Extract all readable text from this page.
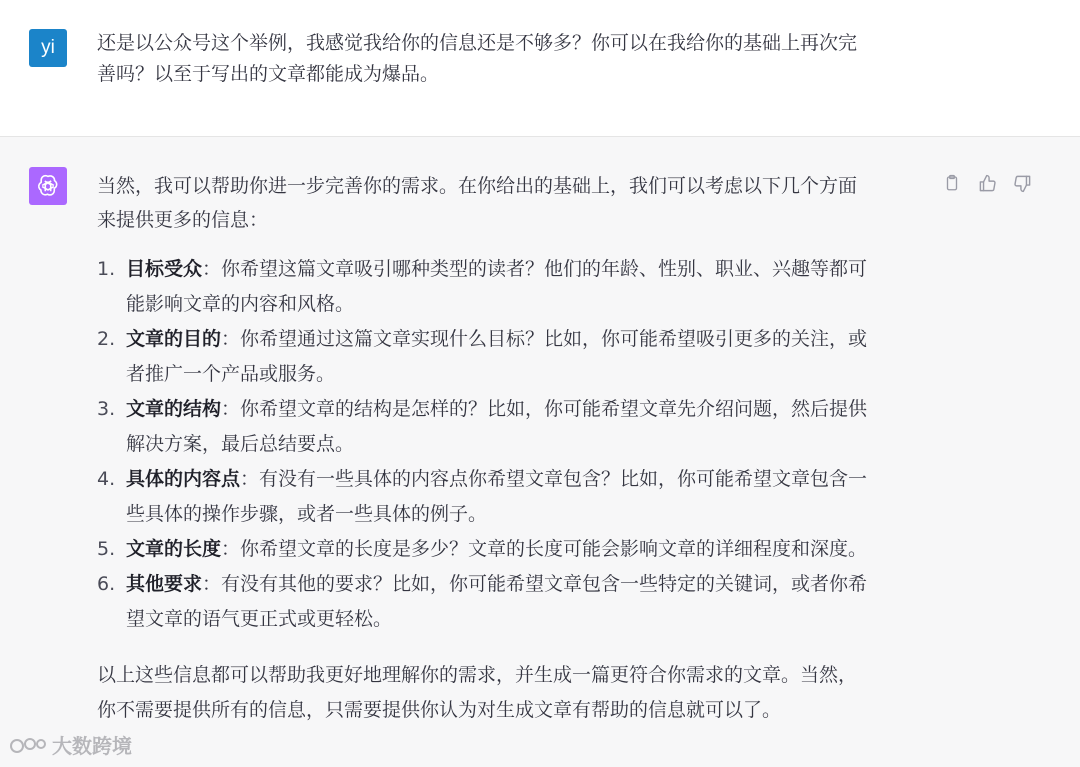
yi 还是以公众号这个举例，我感觉我给你的信息还是不够多？你可以在我给你的基础上再次完
善吗？以至于写出的文章都能成为爆品。

当然，我可以帮助你进一步完善你的需求。在你给出的基础上，我们可以考虑以下几个方面
来提供更多的信息：

1. 目标受众：你希望这篇文章吸引哪种类型的读者？他们的年龄、性别、职业、兴趣等都可
能影响文章的内容和风格。
2. 文章的目的：你希望通过这篇文章实现什么目标？比如，你可能希望吸引更多的关注，或
者推广一个产品或服务。
3. 文章的结构：你希望文章的结构是怎样的？比如，你可能希望文章先介绍问题，然后提供
解决方案，最后总结要点。
4. 具体的内容点：有没有一些具体的内容点你希望文章包含？比如，你可能希望文章包含一
些具体的操作步骤，或者一些具体的例子。
5. 文章的长度：你希望文章的长度是多少？文章的长度可能会影响文章的详细程度和深度。
6. 其他要求：有没有其他的要求？比如，你可能希望文章包含一些特定的关键词，或者你希
望文章的语气更正式或更轻松。

以上这些信息都可以帮助我更好地理解你的需求，并生成一篇更符合你需求的文章。当然，
你不需要提供所有的信息，只需要提供你认为对生成文章有帮助的信息就可以了。

大数跨境
